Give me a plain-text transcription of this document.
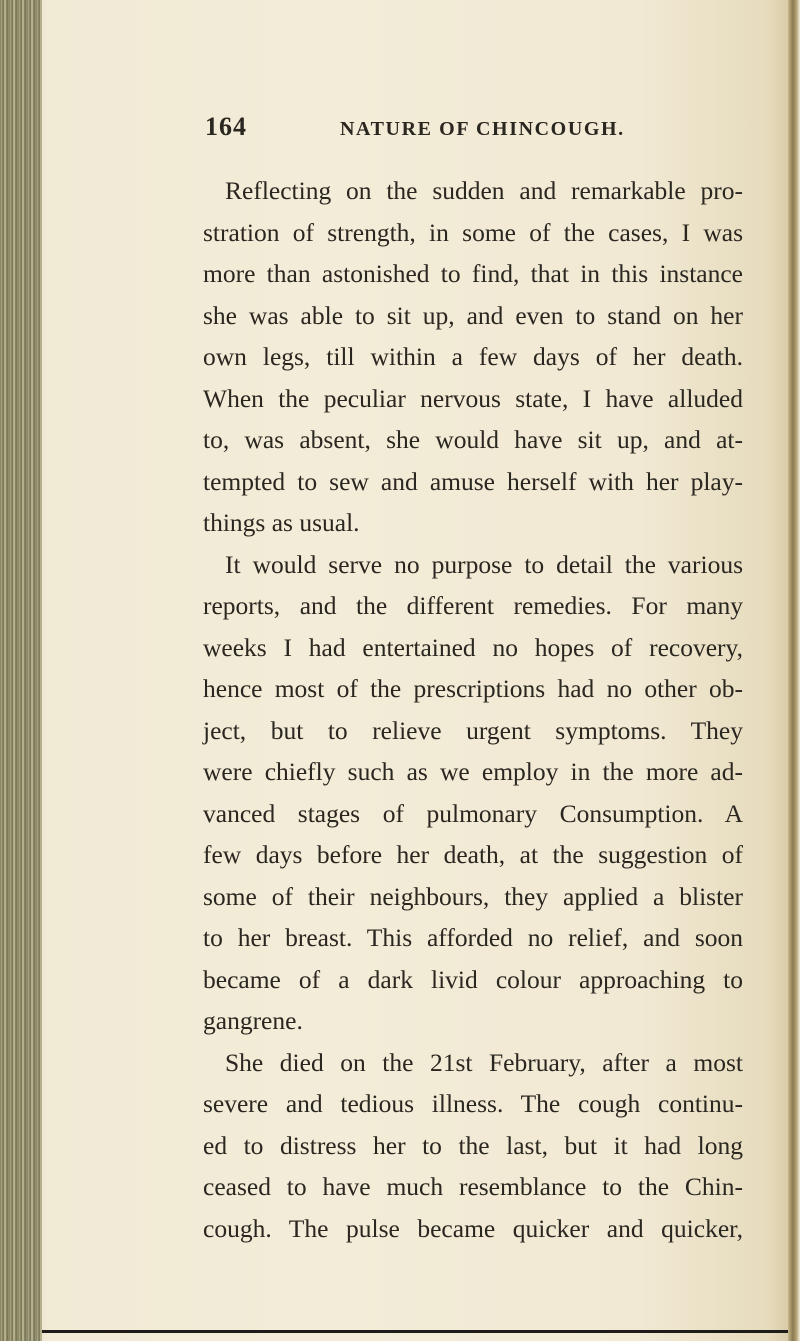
164	NATURE OF CHINCOUGH.

Reflecting on the sudden and remarkable pro-
stration of strength, in some of the cases, I was
more than astonished to find, that in this instance
she was able to sit up, and even to stand on her
own legs, till within a few days of her death.
When the peculiar nervous state, I have alluded
to, was absent, she would have sit up, and at-
tempted to sew and amuse herself with her play-
things as usual.

It would serve no purpose to detail the various
reports, and the different remedies. For many
weeks I had entertained no hopes of recovery,
hence most of the prescriptions had no other ob-
ject, but to relieve urgent symptoms. They
were chiefly such as we employ in the more ad-
vanced stages of pulmonary Consumption. A
few days before her death, at the suggestion of
some of their neighbours, they applied a blister
to her breast. This afforded no relief, and soon
became of a dark livid colour approaching to
gangrene.

She died on the 21st February, after a most
severe and tedious illness. The cough continu-
ed to distress her to the last, but it had long
ceased to have much resemblance to the Chin-
cough. The pulse became quicker and quicker,
